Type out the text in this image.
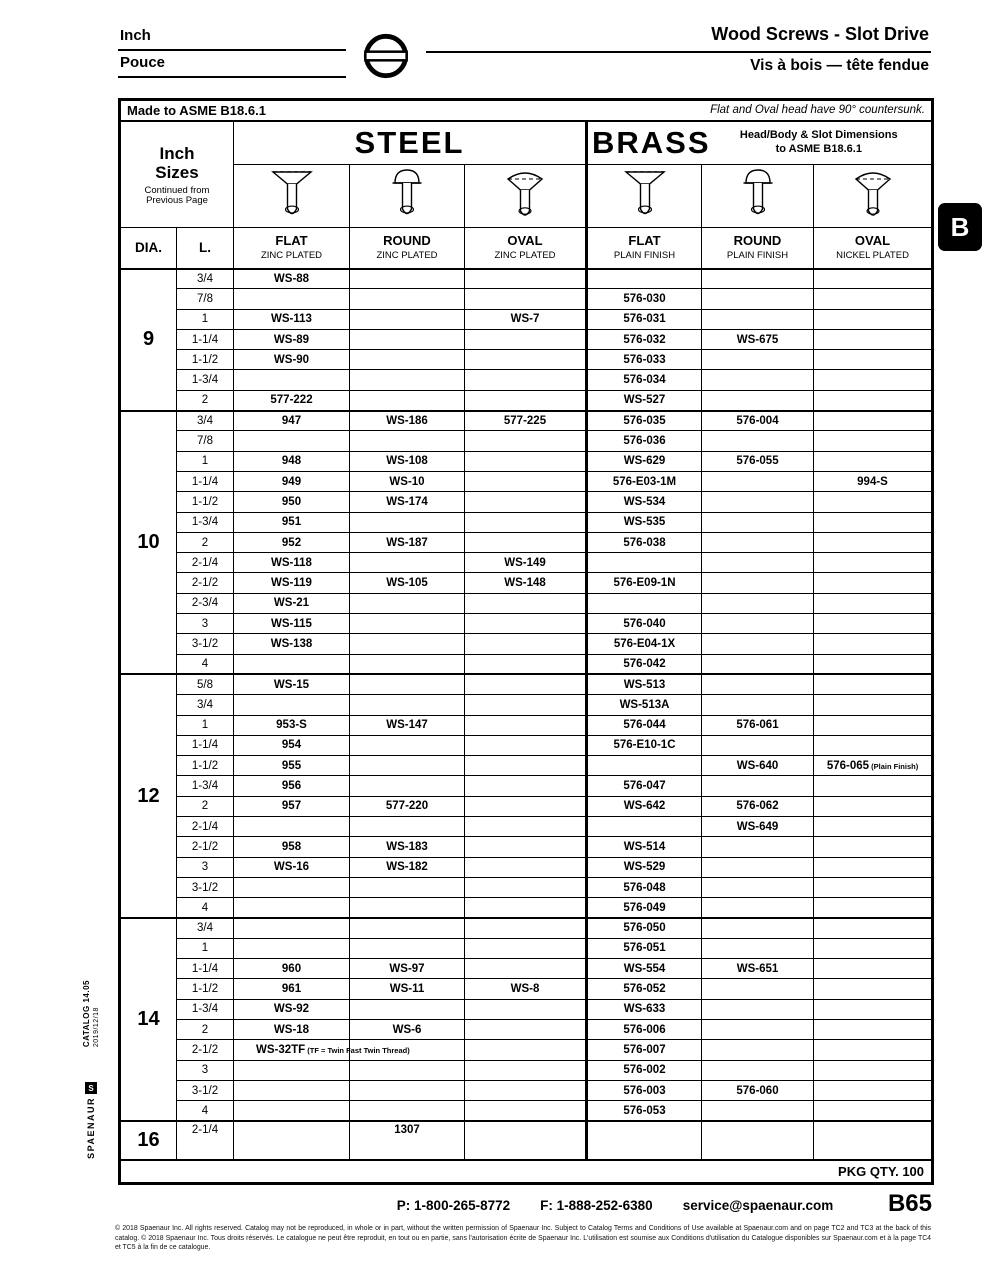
Inch
Pouce
Wood Screws - Slot Drive
Vis à bois — tête fendue
Made to ASME B18.6.1 Flat and Oval head have 90° countersunk.							

Inch Sizes
Continued from Previous Page
	STEEL	BRASS	Head/Body & Slot Dimensions
to ASME B18.6.1

DIA.	L.	FLAT
ZINC PLATED

ROUND
ZINC PLATED

OVAL
ZINC PLATED

FLAT
PLAIN FINISH

ROUND
PLAIN FINISH

OVAL
NICKEL PLATED

9	3/4	WS-88					
	7/8				576-030		
	1	WS-113		WS-7	576-031		
	1-1/4	WS-89			576-032	WS-675	
	1-1/2	WS-90			576-033		
	1-3/4				576-034		
	2	577-222			WS-527		
10	3/4	947	WS-186	577-225	576-035	576-004	
	7/8				576-036		
	1	948	WS-108		WS-629	576-055	
	1-1/4	949	WS-10		576-E03-1M		994-S
	1-1/2	950	WS-174		WS-534		
	1-3/4	951			WS-535		
	2	952	WS-187		576-038		
	2-1/4	WS-118		WS-149			
	2-1/2	WS-119	WS-105	WS-148	576-E09-1N		
	2-3/4	WS-21					
	3	WS-115			576-040		
	3-1/2	WS-138			576-E04-1X		
	4				576-042		
12	5/8	WS-15			WS-513		
	3/4				WS-513A		
	1	953-S	WS-147		576-044	576-061	
	1-1/4	954			576-E10-1C		
	1-1/2	955				WS-640	576-065 (Plain Finish)
	1-3/4	956			576-047		
	2	957	577-220		WS-642	576-062	
	2-1/4					WS-649	
	2-1/2	958	WS-183		WS-514		
	3	WS-16	WS-182		WS-529		
	3-1/2				576-048		
	4				576-049		
14	3/4				576-050		
	1				576-051		
	1-1/4	960	WS-97		WS-554	WS-651	
	1-1/2	961	WS-11	WS-8	576-052		
	1-3/4	WS-92			WS-633		
	2	WS-18	WS-6		576-006		
	2-1/2	WS-32TF (TF = Twin Fast Twin Thread)			576-007		
	3				576-002		
	3-1/2				576-003	576-060	
	4				576-053		
16	2-1/4		1307				
PKG QTY. 100							
CATALOG 14.05 2019/12/18
S
SPAENAUR
B
P: 1-800-265-8772 F: 1-888-252-6380 service@spaenaur.com B65
© 2018 Spaenaur Inc. All rights reserved. Catalog may not be reproduced, in whole or in part, without the written permission of Spaenaur Inc. Subject to Catalog Terms and Conditions of Use available at Spaenaur.com and on page TC2 and TC3 at the back of this catalog. © 2018 Spaenaur Inc. Tous droits réservés. Le catalogue ne peut être reproduit, en tout ou en partie, sans l'autorisation écrite de Spaenaur Inc. L'utilisation est soumise aux Conditions d'utilisation du Catalogue disponibles sur Spaenaur.com et à la page TC4 et TC5 à la fin de ce catalogue.
